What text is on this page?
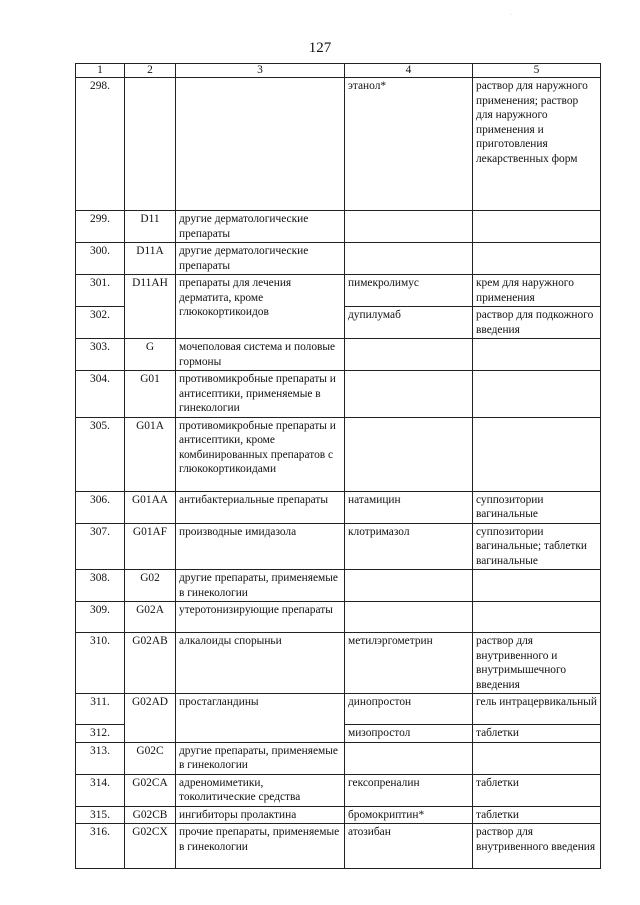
·
127
1	2	3	4	5
298.			этанол*	раствор для наружного применения; раствор для наружного применения и приготовления лекарственных форм
299.	D11	другие дерматологические препараты		
300.	D11A	другие дерматологические препараты		
301.	D11AH	препараты для лечения дерматита, кроме глюкокортикоидов	пимекролимус	крем для наружного применения
302.			дупилумаб	раствор для подкожного введения
303.	G	мочеполовая система и половые гормоны		
304.	G01	противомикробные препараты и антисептики, применяемые в гинекологии		
305.	G01A	противомикробные препараты и антисептики, кроме комбинированных препаратов с глюкокортикоидами		
306.	G01AA	антибактериальные препараты	натамицин	суппозитории вагинальные
307.	G01AF	производные имидазола	клотримазол	суппозитории вагинальные; таблетки вагинальные
308.	G02	другие препараты, применяемые в гинекологии		
309.	G02A	утеротонизирующие препараты		
310.	G02AB	алкалоиды спорыньи	метилэргометрин	раствор для внутривенного и внутримышечного введения
311.	G02AD	простагландины	динопростон	гель интрацервикальный
312.			мизопростол	таблетки
313.	G02C	другие препараты, применяемые в гинекологии		
314.	G02CA	адреномиметики, токолитические средства	гексопреналин	таблетки
315.	G02CB	ингибиторы пролактина	бромокриптин*	таблетки
316.	G02CX	прочие препараты, применяемые в гинекологии	атозибан	раствор для внутривенного введения
